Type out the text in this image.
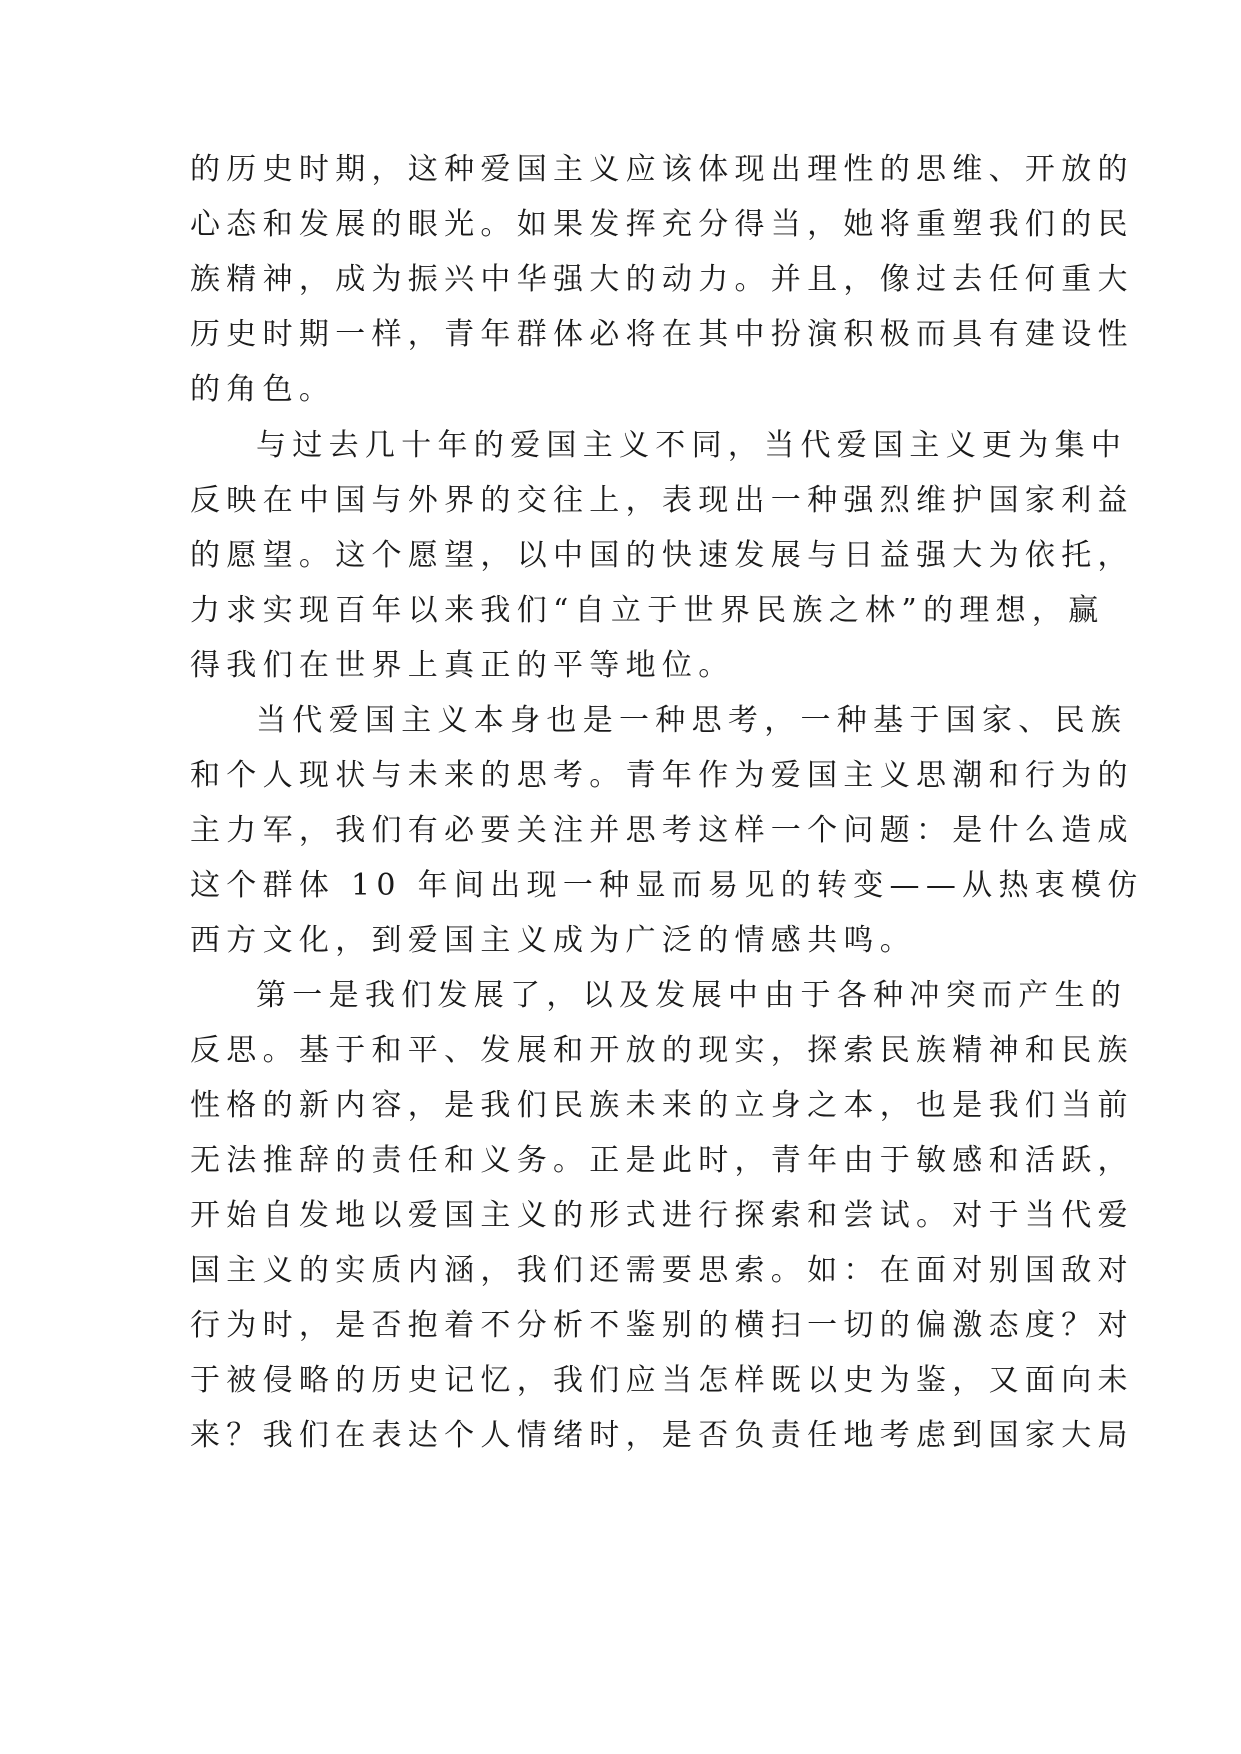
的历史时期，这种爱国主义应该体现出理性的思维、开放的
心态和发展的眼光。如果发挥充分得当，她将重塑我们的民
族精神，成为振兴中华强大的动力。并且，像过去任何重大
历史时期一样，青年群体必将在其中扮演积极而具有建设性
的角色。
与过去几十年的爱国主义不同，当代爱国主义更为集中
反映在中国与外界的交往上，表现出一种强烈维护国家利益
的愿望。这个愿望，以中国的快速发展与日益强大为依托，
力求实现百年以来我们“自立于世界民族之林”的理想，赢
得我们在世界上真正的平等地位。
当代爱国主义本身也是一种思考，一种基于国家、民族
和个人现状与未来的思考。青年作为爱国主义思潮和行为的
主力军，我们有必要关注并思考这样一个问题：是什么造成
这个群体 10 年间出现一种显而易见的转变——从热衷模仿
西方文化，到爱国主义成为广泛的情感共鸣。
第一是我们发展了，以及发展中由于各种冲突而产生的
反思。基于和平、发展和开放的现实，探索民族精神和民族
性格的新内容，是我们民族未来的立身之本，也是我们当前
无法推辞的责任和义务。正是此时，青年由于敏感和活跃，
开始自发地以爱国主义的形式进行探索和尝试。对于当代爱
国主义的实质内涵，我们还需要思索。如：在面对别国敌对
行为时，是否抱着不分析不鉴别的横扫一切的偏激态度？对
于被侵略的历史记忆，我们应当怎样既以史为鉴，又面向未
来？我们在表达个人情绪时，是否负责任地考虑到国家大局
